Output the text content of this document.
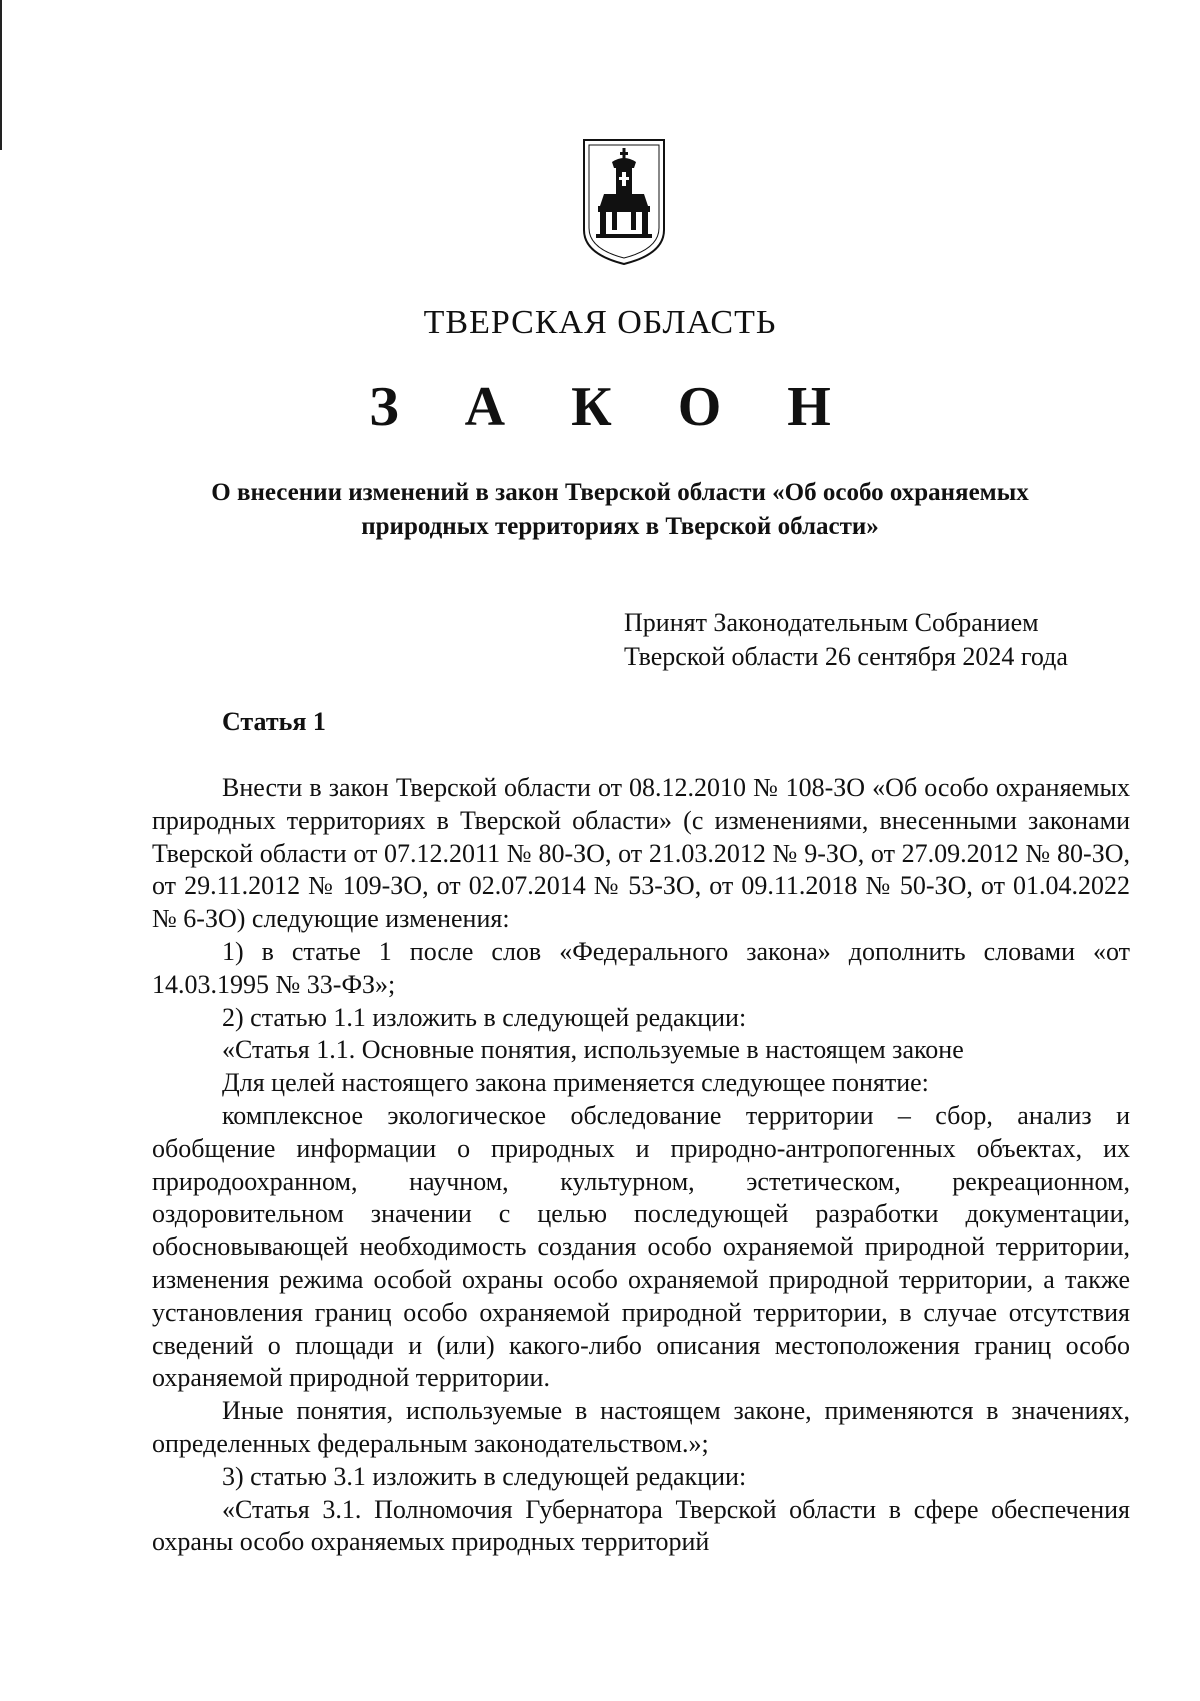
ТВЕРСКАЯ ОБЛАСТЬ
З А К О Н
О внесении изменений в закон Тверской области «Об особо охраняемых
природных территориях в Тверской области»
Принят Законодательным Собранием
Тверской области 26 сентября 2024 года
Статья 1

Внести в закон Тверской области от 08.12.2010 № 108-ЗО «Об особо охраняемых природных территориях в Тверской области» (с изменениями, внесенными законами Тверской области от 07.12.2011 № 80-ЗО, от 21.03.2012 № 9-ЗО, от 27.09.2012 № 80-ЗО, от 29.11.2012 № 109-ЗО, от 02.07.2014 № 53-ЗО, от 09.11.2018 № 50-ЗО, от 01.04.2022 № 6-ЗО) следующие изменения:

1) в статье 1 после слов «Федерального закона» дополнить словами «от 14.03.1995 № 33-ФЗ»;

2) статью 1.1 изложить в следующей редакции:

«Статья 1.1. Основные понятия, используемые в настоящем законе

Для целей настоящего закона применяется следующее понятие:

комплексное экологическое обследование территории – сбор, анализ и обобщение информации о природных и природно-антропогенных объектах, их природоохранном, научном, культурном, эстетическом, рекреационном, оздоровительном значении с целью последующей разработки документации, обосновывающей необходимость создания особо охраняемой природной территории, изменения режима особой охраны особо охраняемой природной территории, а также установления границ особо охраняемой природной территории, в случае отсутствия сведений о площади и (или) какого-либо описания местоположения границ особо охраняемой природной территории.

Иные понятия, используемые в настоящем законе, применяются в значениях, определенных федеральным законодательством.»;

3) статью 3.1 изложить в следующей редакции:

«Статья 3.1. Полномочия Губернатора Тверской области в сфере обеспечения охраны особо охраняемых природных территорий
